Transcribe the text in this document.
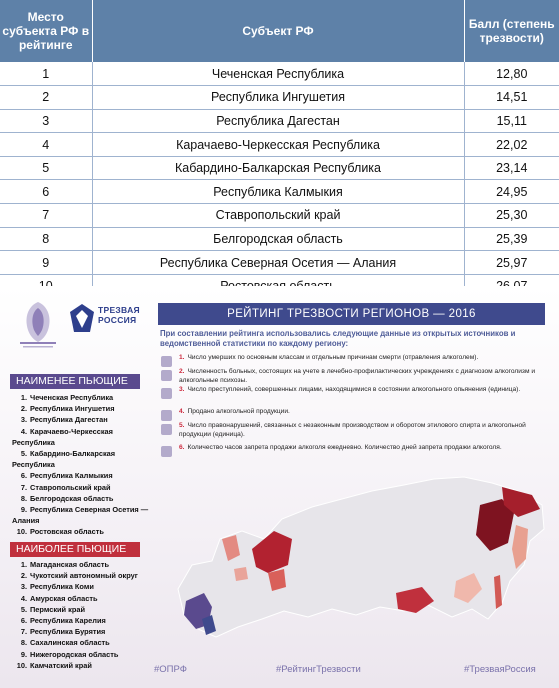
Место субъекта РФ в рейтинге	Субъект РФ	Балл (степень трезвости)
1	Чеченская Республика	12,80
2	Республика Ингушетия	14,51
3	Республика Дагестан	15,11
4	Карачаево-Черкесская Республика	22,02
5	Кабардино-Балкарская Республика	23,14
6	Республика Калмыкия	24,95
7	Ставропольский край	25,30
8	Белгородская область	25,39
9	Республика Северная Осетия — Алания	25,97

ТРЕЗВАЯ РОССИЯ	РЕЙТИНГ ТРЕЗВОСТИ РЕГИОНОВ — 2016
При составлении рейтинга использовались следующие данные из открытых источников и ведомственной статистики по каждому региону:
1. Число умерших по основным классам и отдельным причинам смерти (отравления алкоголем).
2. Численность больных, состоящих на учете в лечебно-профилактических учреждениях с диагнозом алкоголизм и алкогольные психозы.
3. Число преступлений, совершенных лицами, находящимися в состоянии алкогольного опьянения (единица).
4. Продано алкогольной продукции.
5. Число правонарушений, связанных с незаконным производством и оборотом этилового спирта и алкогольной продукции (единица).
6. Количество часов запрета продажи алкоголя ежедневно. Количество дней запрета продажи алкоголя.
НАИМЕНЕЕ ПЬЮЩИЕ
1. Чеченская Республика
2. Республика Ингушетия
3. Республика Дагестан
4. Карачаево-Черкесская Республика
5. Кабардино-Балкарская Республика
6. Республика Калмыкия
7. Ставропольский край
8. Белгородская область
9. Республика Северная Осетия — Алания
10. Ростовская область
НАИБОЛЕЕ ПЬЮЩИЕ
1. Магаданская область
2. Чукотский автономный округ
3. Республика Коми
4. Амурская область
5. Пермский край
6. Республика Карелия
7. Республика Бурятия
8. Сахалинская область
9. Нижегородская область
10. Камчатский край	#ОПРФ	#РейтингТрезвости	#ТрезваяРоссия
